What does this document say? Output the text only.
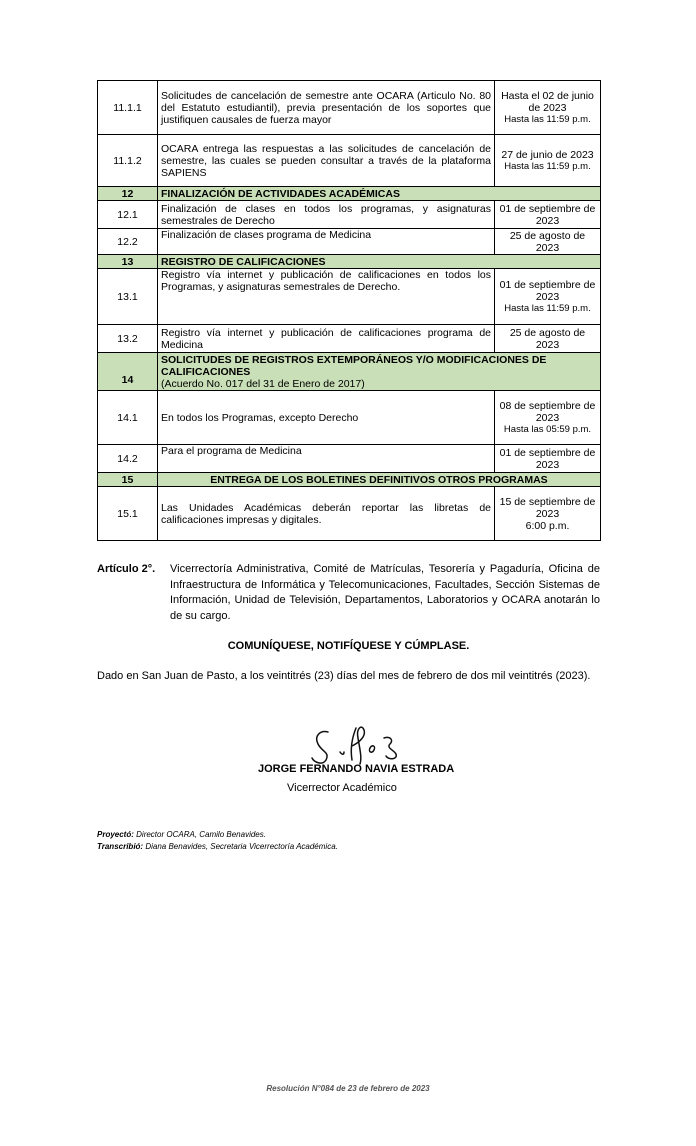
11.1.1	Solicitudes de cancelación de semestre ante OCARA (Articulo No. 80 del Estatuto estudiantil), previa presentación de los soportes que justifiquen causales de fuerza mayor	Hasta el 02 de junio de 2023
Hasta las 11:59 p.m.

11.1.2	OCARA entrega las respuestas a las solicitudes de cancelación de semestre, las cuales se pueden consultar a través de la plataforma SAPIENS	27 de junio de 2023
Hasta las 11:59 p.m.

12	FINALIZACIÓN DE ACTIVIDADES ACADÉMICAS	
12.1	Finalización de clases en todos los programas, y asignaturas semestrales de Derecho	01 de septiembre de 2023
12.2	Finalización de clases programa de Medicina	25 de agosto de 2023
13	REGISTRO DE CALIFICACIONES	
13.1	Registro vía internet y publicación de calificaciones en todos los Programas, y asignaturas semestrales de Derecho.	01 de septiembre de 2023
Hasta las 11:59 p.m.

13.2	Registro vía internet y publicación de calificaciones programa de Medicina	25 de agosto de 2023
14	SOLICITUDES DE REGISTROS EXTEMPORÁNEOS Y/O MODIFICACIONES DE CALIFICACIONES
(Acuerdo No. 017 del 31 de Enero de 2017)	
14.1	En todos los Programas, excepto Derecho	08 de septiembre de 2023
Hasta las 05:59 p.m.

14.2	Para el programa de Medicina	01 de septiembre de 2023
15	ENTREGA DE LOS BOLETINES DEFINITIVOS OTROS PROGRAMAS	
15.1	Las Unidades Académicas deberán reportar las libretas de calificaciones impresas y digitales.	15 de septiembre de 2023
6:00 p.m.
Artículo 2°. Vicerrectoría Administrativa, Comité de Matrículas, Tesorería y Pagaduría, Oficina de Infraestructura de Informática y Telecomunicaciones, Facultades, Sección Sistemas de Información, Unidad de Televisión, Departamentos, Laboratorios y OCARA anotarán lo de su cargo.
COMUNÍQUESE, NOTIFÍQUESE Y CÚMPLASE.
Dado en San Juan de Pasto, a los veintitrés (23) días del mes de febrero de dos mil veintitrés (2023).
JORGE FERNANDO NAVIA ESTRADA
Vicerrector Académico
Proyectó: Director OCARA, Camilo Benavides.
Transcribió: Diana Benavides, Secretaria Vicerrectoría Académica.
Resolución N°084 de 23 de febrero de 2023
